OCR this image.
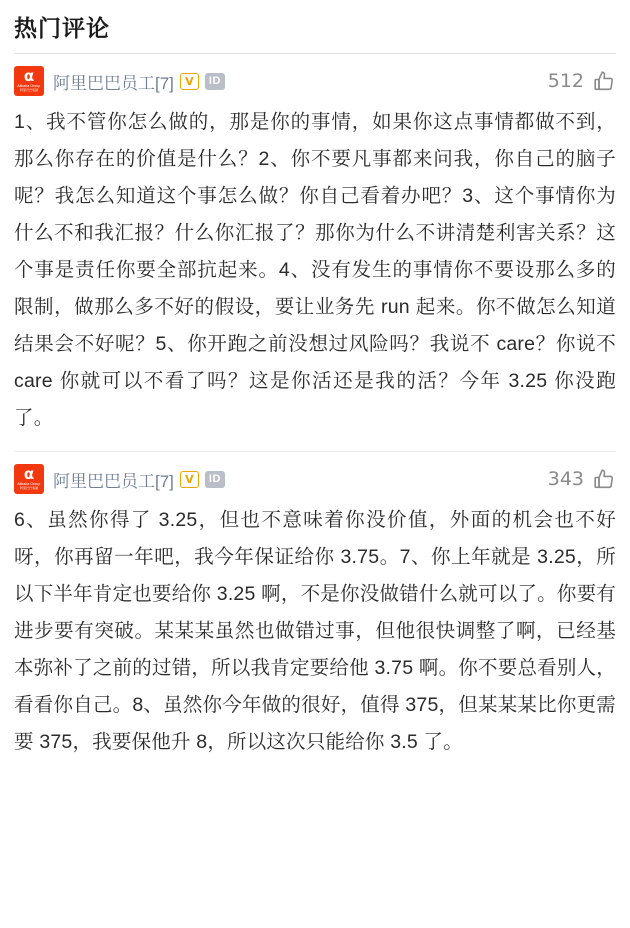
热门评论
α
Alibaba Group
阿里巴巴集团 阿里巴巴员工[7]	V	ID	512
1、我不管你怎么做的，那是你的事情，如果你这点事情都做不到，那么你存在的价值是什么？2、你不要凡事都来问我，你自己的脑子呢？我怎么知道这个事怎么做？你自己看着办吧？3、这个事情你为什么不和我汇报？什么你汇报了？那你为什么不讲清楚利害关系？这个事是责任你要全部抗起来。4、没有发生的事情你不要设那么多的限制，做那么多不好的假设，要让业务先 run 起来。你不做怎么知道结果会不好呢？5、你开跑之前没想过风险吗？我说不 care？你说不 care 你就可以不看了吗？这是你活还是我的活？今年 3.25 你没跑了。
α
Alibaba Group
阿里巴巴集团 阿里巴巴员工[7]	V	ID	343
6、虽然你得了 3.25，但也不意味着你没价值，外面的机会也不好呀，你再留一年吧，我今年保证给你 3.75。7、你上年就是 3.25，所以下半年肯定也要给你 3.25 啊，不是你没做错什么就可以了。你要有进步要有突破。某某某虽然也做错过事，但他很快调整了啊，已经基本弥补了之前的过错，所以我肯定要给他 3.75 啊。你不要总看别人，看看你自己。8、虽然你今年做的很好，值得 375，但某某某比你更需要 375，我要保他升 8，所以这次只能给你 3.5 了。
